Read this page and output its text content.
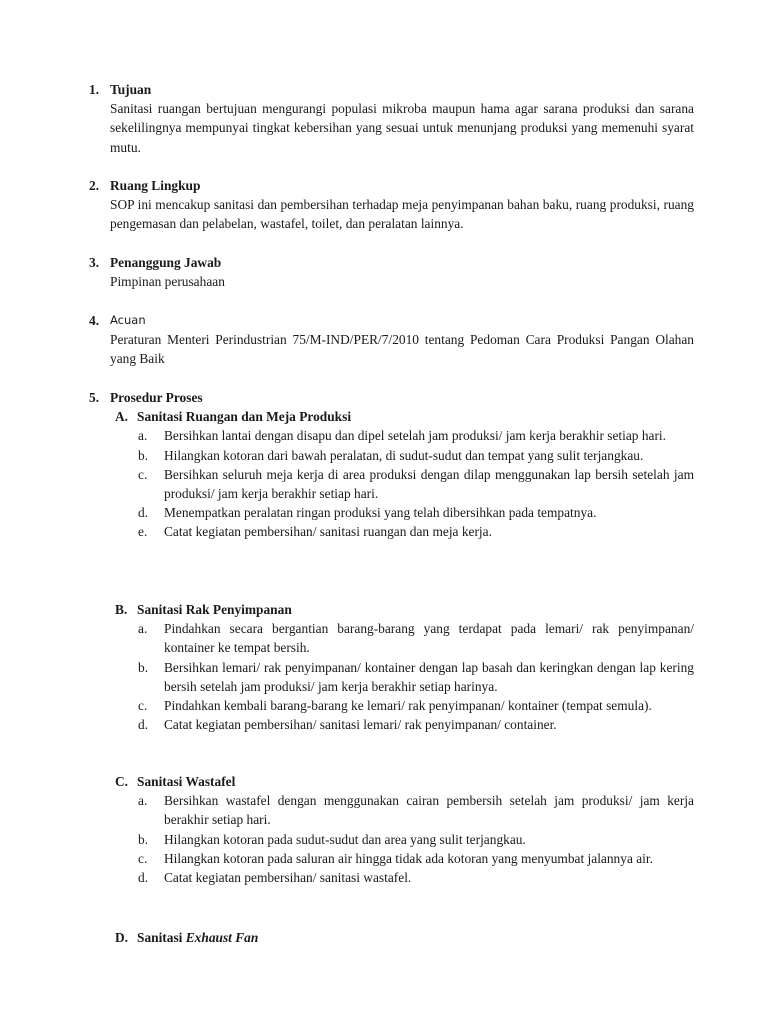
1. Tujuan
Sanitasi ruangan bertujuan mengurangi populasi mikroba maupun hama agar sarana produksi dan sarana sekelilingnya mempunyai tingkat kebersihan yang sesuai untuk menunjang produksi yang memenuhi syarat mutu.
2. Ruang Lingkup
SOP ini mencakup sanitasi dan pembersihan terhadap meja penyimpanan bahan baku, ruang produksi, ruang pengemasan dan pelabelan, wastafel, toilet, dan peralatan lainnya.
3. Penanggung Jawab
Pimpinan perusahaan
4. Acuan
Peraturan Menteri Perindustrian 75/M-IND/PER/7/2010 tentang Pedoman Cara Produksi Pangan Olahan yang Baik
5. Prosedur Proses
A. Sanitasi Ruangan dan Meja Produksi
a.	Bersihkan lantai dengan disapu dan dipel setelah jam produksi/ jam kerja berakhir setiap hari.
b.	Hilangkan kotoran dari bawah peralatan, di sudut-sudut dan tempat yang sulit terjangkau.
c.	Bersihkan seluruh meja kerja di area produksi dengan dilap menggunakan lap bersih setelah jam produksi/ jam kerja berakhir setiap hari.
d.	Menempatkan peralatan ringan produksi yang telah dibersihkan pada tempatnya.
e.	Catat kegiatan pembersihan/ sanitasi ruangan dan meja kerja.
B. Sanitasi Rak Penyimpanan
a.	Pindahkan secara bergantian barang-barang yang terdapat pada lemari/ rak penyimpanan/ kontainer ke tempat bersih.
b.	Bersihkan lemari/ rak penyimpanan/ kontainer dengan lap basah dan keringkan dengan lap kering bersih setelah jam produksi/ jam kerja berakhir setiap harinya.
c.	Pindahkan kembali barang-barang ke lemari/ rak penyimpanan/ kontainer (tempat semula).
d.	Catat kegiatan pembersihan/ sanitasi lemari/ rak penyimpanan/ container.
C. Sanitasi Wastafel
a.	Bersihkan wastafel dengan menggunakan cairan pembersih setelah jam produksi/ jam kerja berakhir setiap hari.
b.	Hilangkan kotoran pada sudut-sudut dan area yang sulit terjangkau.
c.	Hilangkan kotoran pada saluran air hingga tidak ada kotoran yang menyumbat jalannya air.
d.	Catat kegiatan pembersihan/ sanitasi wastafel.
D. Sanitasi Exhaust Fan
